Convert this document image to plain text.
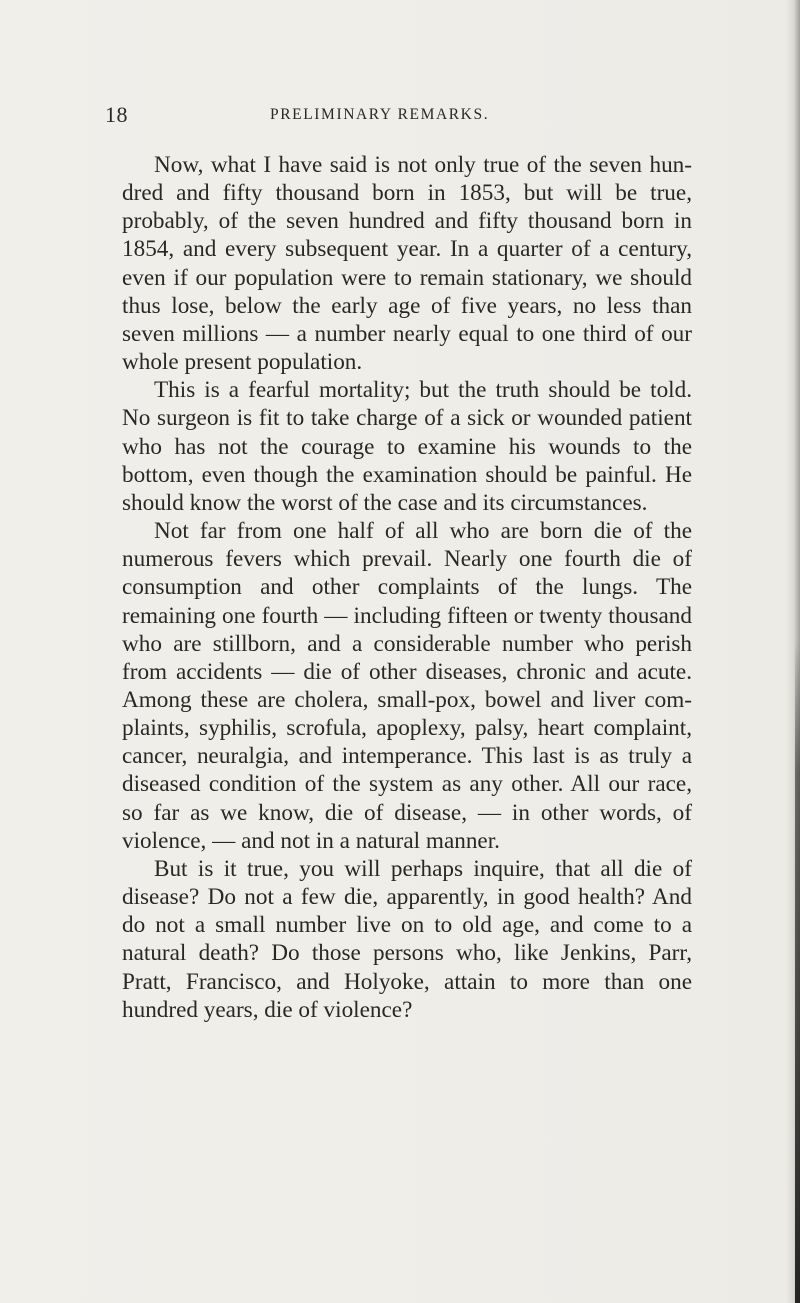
18	PRELIMINARY REMARKS.

Now, what I have said is not only true of the seven hundred and fifty thousand born in 1853, but will be true, probably, of the seven hundred and fifty thousand born in 1854, and every subsequent year. In a quarter of a century, even if our population were to remain stationary, we should thus lose, below the early age of five years, no less than seven millions — a number nearly equal to one third of our whole present population.

This is a fearful mortality; but the truth should be told. No surgeon is fit to take charge of a sick or wounded patient who has not the courage to examine his wounds to the bottom, even though the examination should be painful. He should know the worst of the case and its circumstances.

Not far from one half of all who are born die of the numerous fevers which prevail. Nearly one fourth die of consumption and other complaints of the lungs. The remaining one fourth — including fifteen or twenty thousand who are stillborn, and a considerable number who perish from accidents — die of other diseases, chronic and acute. Among these are cholera, small-pox, bowel and liver complaints, syphilis, scrofula, apoplexy, palsy, heart complaint, cancer, neuralgia, and intemperance. This last is as truly a diseased condition of the system as any other. All our race, so far as we know, die of disease, — in other words, of violence, — and not in a natural manner.

But is it true, you will perhaps inquire, that all die of disease? Do not a few die, apparently, in good health? And do not a small number live on to old age, and come to a natural death? Do those persons who, like Jenkins, Parr, Pratt, Francisco, and Holyoke, attain to more than one hundred years, die of violence?
